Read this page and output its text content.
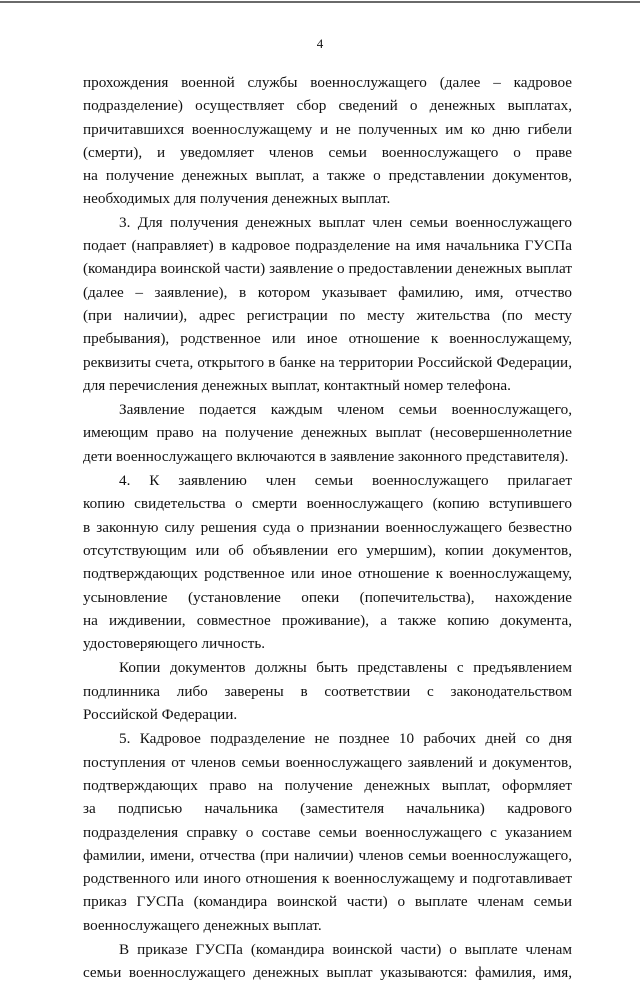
4
прохождения военной службы военнослужащего (далее – кадровое
подразделение) осуществляет сбор сведений о денежных выплатах,
причитавшихся военнослужащему и не полученных им ко дню гибели
(смерти), и уведомляет членов семьи военнослужащего о праве
на получение денежных выплат, а также о представлении документов,
необходимых для получения денежных выплат.
3. Для получения денежных выплат член семьи военнослужащего
подает (направляет) в кадровое подразделение на имя начальника ГУСПа
(командира воинской части) заявление о предоставлении денежных выплат
(далее – заявление), в котором указывает фамилию, имя, отчество
(при наличии), адрес регистрации по месту жительства (по месту
пребывания), родственное или иное отношение к военнослужащему,
реквизиты счета, открытого в банке на территории Российской Федерации,
для перечисления денежных выплат, контактный номер телефона.
Заявление подается каждым членом семьи военнослужащего,
имеющим право на получение денежных выплат (несовершеннолетние
дети военнослужащего включаются в заявление законного представителя).
4. К заявлению член семьи военнослужащего прилагает
копию свидетельства о смерти военнослужащего (копию вступившего
в законную силу решения суда о признании военнослужащего безвестно
отсутствующим или об объявлении его умершим), копии документов,
подтверждающих родственное или иное отношение к военнослужащему,
усыновление (установление опеки (попечительства), нахождение
на иждивении, совместное проживание), а также копию документа,
удостоверяющего личность.
Копии документов должны быть представлены с предъявлением
подлинника либо заверены в соответствии с законодательством
Российской Федерации.
5. Кадровое подразделение не позднее 10 рабочих дней со дня
поступления от членов семьи военнослужащего заявлений и документов,
подтверждающих право на получение денежных выплат, оформляет
за подписью начальника (заместителя начальника) кадрового
подразделения справку о составе семьи военнослужащего с указанием
фамилии, имени, отчества (при наличии) членов семьи военнослужащего,
родственного или иного отношения к военнослужащему и подготавливает
приказ ГУСПа (командира воинской части) о выплате членам семьи
военнослужащего денежных выплат.
В приказе ГУСПа (командира воинской части) о выплате членам
семьи военнослужащего денежных выплат указываются: фамилия, имя,
